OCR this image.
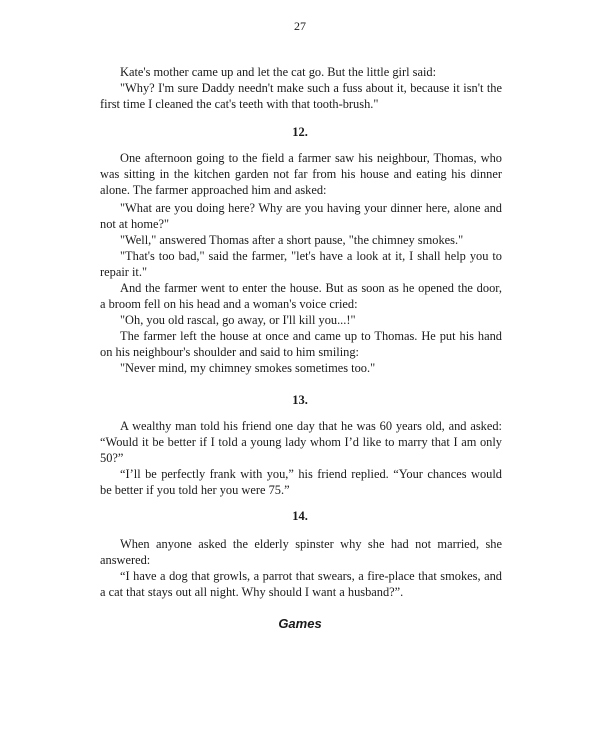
27
Kate's mother came up and let the cat go. But the little girl said:
"Why? I'm sure Daddy needn't make such a fuss about it, because it isn't the
first time I cleaned the cat's teeth with that tooth-brush."
12.
One afternoon going to the field a farmer saw his neighbour, Thomas, who
was sitting in the kitchen garden not far from his house and eating his dinner
alone. The farmer approached him and asked:
"What are you doing here? Why are you having your dinner here, alone and
not at home?"
"Well," answered Thomas after a short pause, "the chimney smokes."
"That's too bad," said the farmer, "let's have a look at it, I shall help you to
repair it."
And the farmer went to enter the house. But as soon as he opened the door,
a broom fell on his head and a woman's voice cried:
"Oh, you old rascal, go away, or I'll kill you...!"
The farmer left the house at once and came up to Thomas. He put his hand
on his neighbour's shoulder and said to him smiling:
"Never mind, my chimney smokes sometimes too."
13.
A wealthy man told his friend one day that he was 60 years old, and asked:
“Would it be better if I told a young lady whom I’d like to marry that I am only
50?”
“I’ll be perfectly frank with you,” his friend replied. “Your chances would
be better if you told her you were 75.”
14.
When anyone asked the elderly spinster why she had not married, she
answered:
“I have a dog that growls, a parrot that swears, a fire-place that smokes, and
a cat that stays out all night. Why should I want a husband?”.
Games
